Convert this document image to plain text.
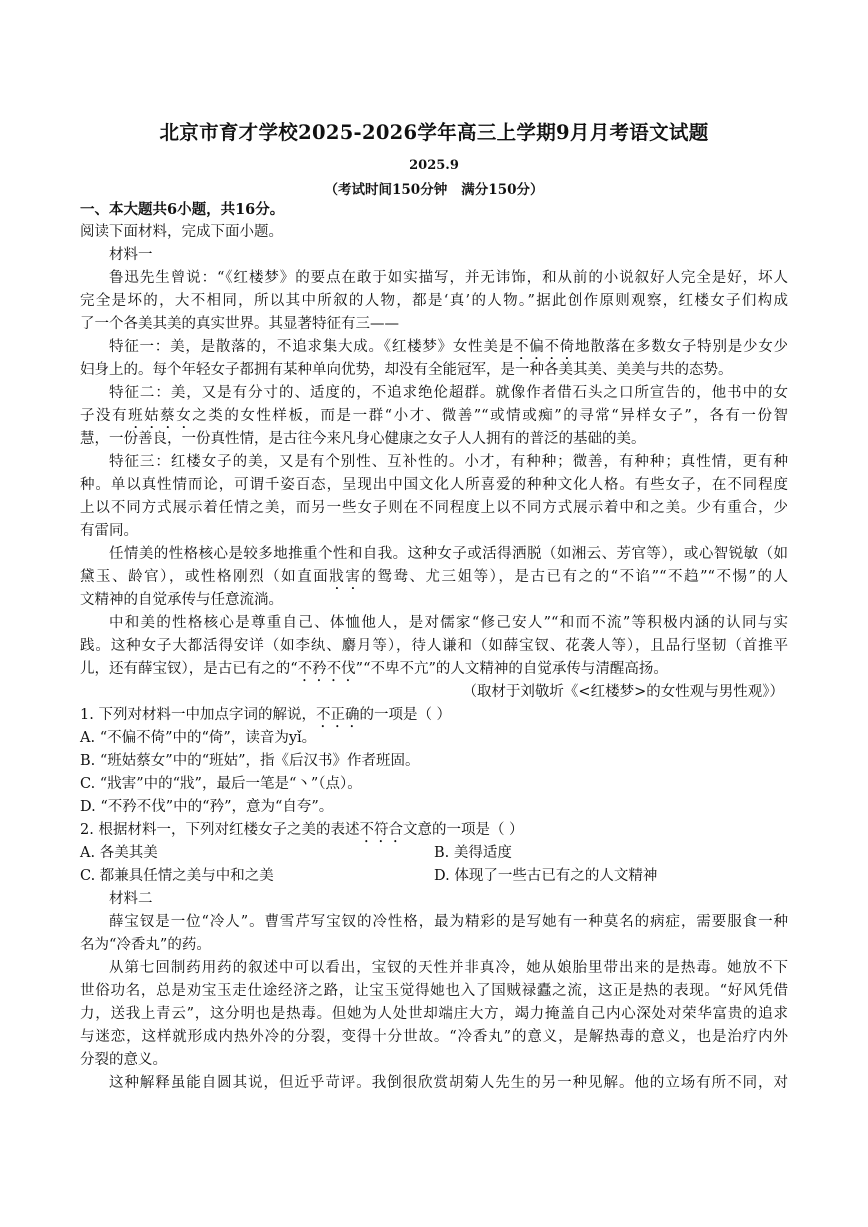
北京市育才学校2025-2026学年高三上学期9月月考语文试题
2025.9
（考试时间150分钟   满分150分）
一、本大题共6小题，共16分。
阅读下面材料，完成下面小题。
材料一
鲁迅先生曾说：“《红楼梦》的要点在敢于如实描写，并无讳饰，和从前的小说叙好人完全是好，坏人
完全是坏的，大不相同，所以其中所叙的人物，都是‘真’的人物。”据此创作原则观察，红楼女子们构成
了一个各美其美的真实世界。其显著特征有三——
特征一：美，是散落的，不追求集大成。《红楼梦》女性美是不偏不倚地散落在多数女子特别是少女少
妇身上的。每个年轻女子都拥有某种单向优势，却没有全能冠军，是一种各美其美、美美与共的态势。
特征二：美，又是有分寸的、适度的，不追求绝伦超群。就像作者借石头之口所宣告的，他书中的女
子没有班姑蔡女之类的女性样板，而是一群“小才、微善”“或情或痴”的寻常“异样女子”，各有一份智
慧，一份善良，一份真性情，是古往今来凡身心健康之女子人人拥有的普泛的基础的美。
特征三：红楼女子的美，又是有个别性、互补性的。小才，有种种；微善，有种种；真性情，更有种
种。单以真性情而论，可谓千姿百态，呈现出中国文化人所喜爱的种种文化人格。有些女子，在不同程度
上以不同方式展示着任情之美，而另一些女子则在不同程度上以不同方式展示着中和之美。少有重合，少
有雷同。
任情美的性格核心是较多地推重个性和自我。这种女子或活得洒脱（如湘云、芳官等），或心智锐敏（如
黛玉、龄官），或性格刚烈（如直面戕害的鸳鸯、尤三姐等），是古已有之的“不谄”“不趋”“不惕”的人
文精神的自觉承传与任意流淌。
中和美的性格核心是尊重自己、体恤他人，是对儒家“修己安人”“和而不流”等积极内涵的认同与实
践。这种女子大都活得安详（如李纨、麝月等），待人谦和（如薛宝钗、花袭人等），且品行坚韧（首推平
儿，还有薛宝钗），是古已有之的“不矜不伐”“不卑不亢”的人文精神的自觉承传与清醒高扬。
（取材于刘敬圻《<红楼梦>的女性观与男性观》）
1. 下列对材料一中加点字词的解说，不正确的一项是（ ）
A. “不偏不倚”中的“倚”，读音为yǐ。
B. “班姑蔡女”中的“班姑”，指《后汉书》作者班固。
C. “戕害”中的“戕”，最后一笔是“丶”（点）。
D. “不矜不伐”中的“矜”，意为“自夸”。
2. 根据材料一，下列对红楼女子之美的表述不符合文意的一项是（ ）
A. 各美其美	B. 美得适度
C. 都兼具任情之美与中和之美	D. 体现了一些古已有之的人文精神
材料二
薛宝钗是一位“冷人”。曹雪芹写宝钗的冷性格，最为精彩的是写她有一种莫名的病症，需要服食一种
名为“冷香丸”的药。
从第七回制药用药的叙述中可以看出，宝钗的天性并非真冷，她从娘胎里带出来的是热毒。她放不下
世俗功名，总是劝宝玉走仕途经济之路，让宝玉觉得她也入了国贼禄蠹之流，这正是热的表现。“好风凭借
力，送我上青云”，这分明也是热毒。但她为人处世却端庄大方，竭力掩盖自己内心深处对荣华富贵的追求
与迷恋，这样就形成内热外冷的分裂，变得十分世故。“冷香丸”的意义，是解热毒的意义，也是治疗内外
分裂的意义。
这种解释虽能自圆其说，但近乎苛评。我倒很欣赏胡菊人先生的另一种见解。他的立场有所不同，对
